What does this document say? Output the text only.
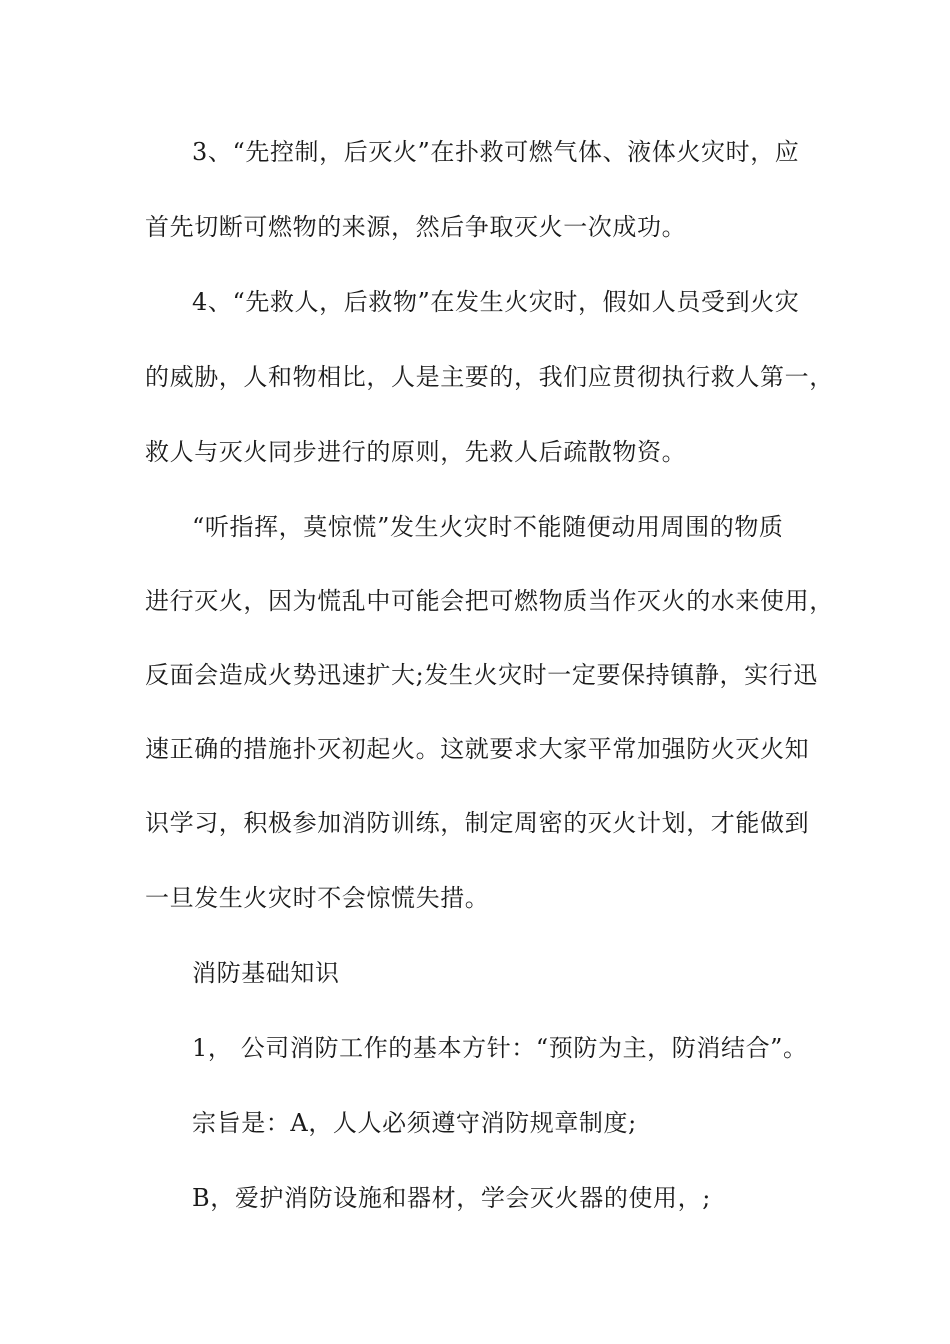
3、“先控制，后灭火”在扑救可燃气体、液体火灾时，应
首先切断可燃物的来源，然后争取灭火一次成功。
4、“先救人，后救物”在发生火灾时，假如人员受到火灾
的威胁，人和物相比，人是主要的，我们应贯彻执行救人第一，
救人与灭火同步进行的原则，先救人后疏散物资。
“听指挥，莫惊慌”发生火灾时不能随便动用周围的物质
进行灭火，因为慌乱中可能会把可燃物质当作灭火的水来使用，
反面会造成火势迅速扩大;发生火灾时一定要保持镇静，实行迅
速正确的措施扑灭初起火。这就要求大家平常加强防火灭火知
识学习，积极参加消防训练，制定周密的灭火计划，才能做到
一旦发生火灾时不会惊慌失措。
消防基础知识
1， 公司消防工作的基本方针：“预防为主，防消结合”。
宗旨是：A，人人必须遵守消防规章制度;
B，爱护消防设施和器材，学会灭火器的使用，;
